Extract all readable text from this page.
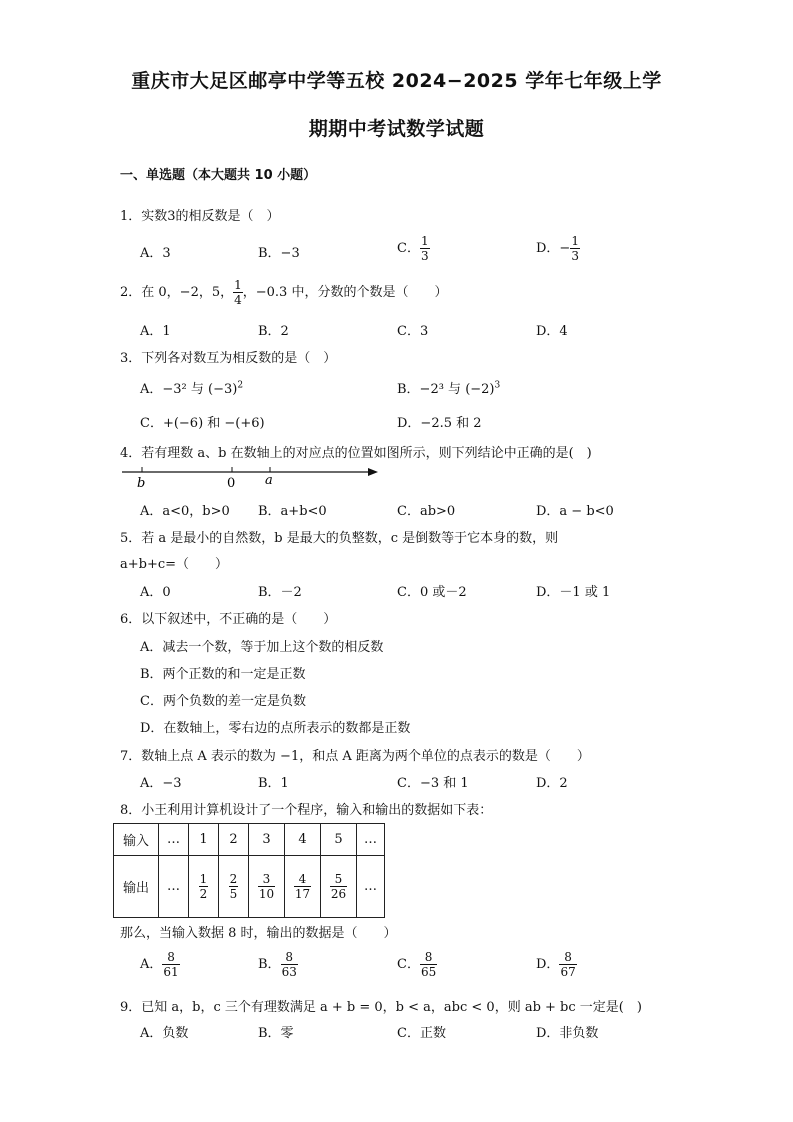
重庆市大足区邮亭中学等五校 2024−2025 学年七年级上学
期期中考试数学试题
一、单选题（本大题共 10 小题）
1．实数3的相反数是（　）
A．3	B．−3	C． $\frac{1}{3}$	D．− $\frac{1}{3}$
2．在 0，−2，5， $\frac{1}{4}$ ，−0.3 中，分数的个数是（　　）
A．1	B．2	C．3	D．4
3．下列各对数互为相反数的是（　）
A．−3² 与 $(-3)^2$	B．−2³ 与 $(-2)^3$
C．+(−6) 和 −(+6)	D．−2.5 和 2
4．若有理数 a、b 在数轴上的对应点的位置如图所示，则下列结论中正确的是(　)
b	0 a
A．a<0，b>0 B．a+b<0	C．ab>0	D．a − b<0
5．若 a 是最小的自然数，b 是最大的负整数，c 是倒数等于它本身的数，则
a+b+c=（　　）
A．0	B．－2	C．0 或－2	D．－1 或 1
6．以下叙述中，不正确的是（　　）
A．减去一个数，等于加上这个数的相反数
B．两个正数的和一定是正数
C．两个负数的差一定是负数
D．在数轴上，零右边的点所表示的数都是正数
7．数轴上点 A 表示的数为 −1，和点 A 距离为两个单位的点表示的数是（　　）
A．−3	B．1	C．−3 和 1	D．2
8．小王利用计算机设计了一个程序，输入和输出的数据如下表：
输入	…	1	2	3	4	5	…
输出	…	$\frac{1}{2}$	$\frac{2}{5}$	$\frac{3}{10}$	$\frac{4}{17}$	$\frac{5}{26}$	…
那么，当输入数据 8 时，输出的数据是（　　）
A． $\frac{8}{61}$	B． $\frac{8}{63}$	C． $\frac{8}{65}$	D． $\frac{8}{67}$
9．已知 a，b，c 三个有理数满足 a + b = 0，b < a，abc < 0，则 ab + bc 一定是(　)
A．负数	B．零	C．正数	D．非负数
